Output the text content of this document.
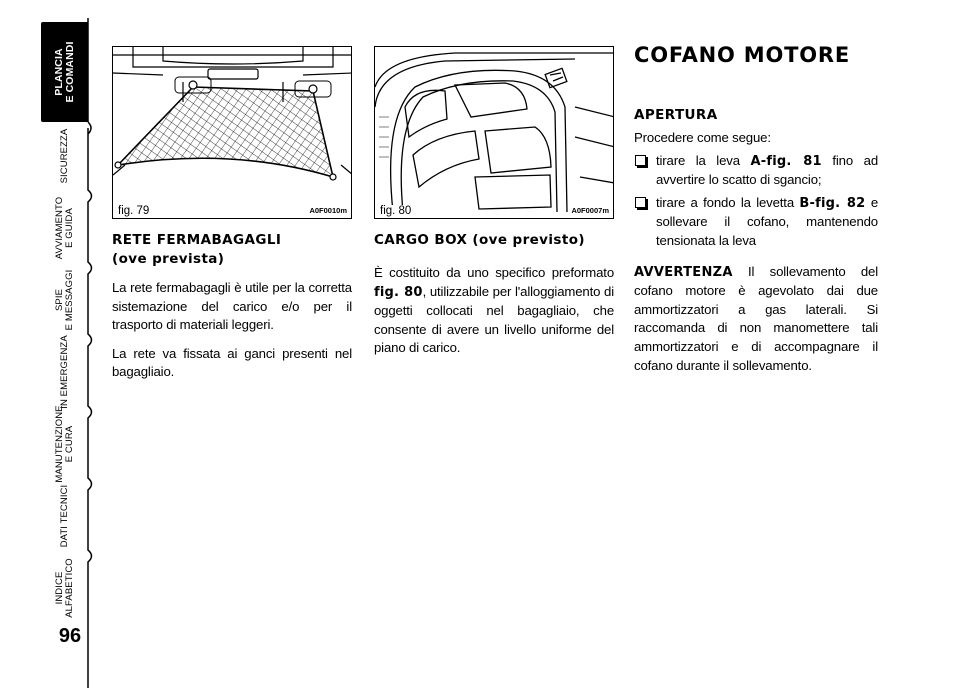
PLANCIA E COMANDI
SICUREZZA
AVVIAMENTO E GUIDA
SPIE E MESSAGGI
IN EMERGENZA
MANUTENZIONE E CURA
DATI TECNICI
INDICE ALFABETICO
96
fig. 79	A0F0010m
RETE FERMABAGAGLI
(ove prevista)

La rete fermabagagli è utile per la corretta sistemazione del carico e/o per il trasporto di materiali leggeri.

La rete va fissata ai ganci presenti nel bagagliaio.

fig. 80	A0F0007m
CARGO BOX (ove previsto)

È costituito da uno specifico preformato fig. 80, utilizzabile per l'alloggiamento di oggetti collocati nel bagagliaio, che consente di avere un livello uniforme del piano di carico.

COFANO MOTORE
APERTURA

Procedere come segue:

tirare la leva A-fig. 81 fino ad avvertire lo scatto di sgancio;
tirare a fondo la levetta B-fig. 82 e sollevare il cofano, mantenendo tensionata la leva

AVVERTENZA Il sollevamento del cofano motore è agevolato dai due ammortizzatori a gas laterali. Si raccomanda di non manomettere tali ammortizzatori e di accompagnare il cofano durante il sollevamento.
